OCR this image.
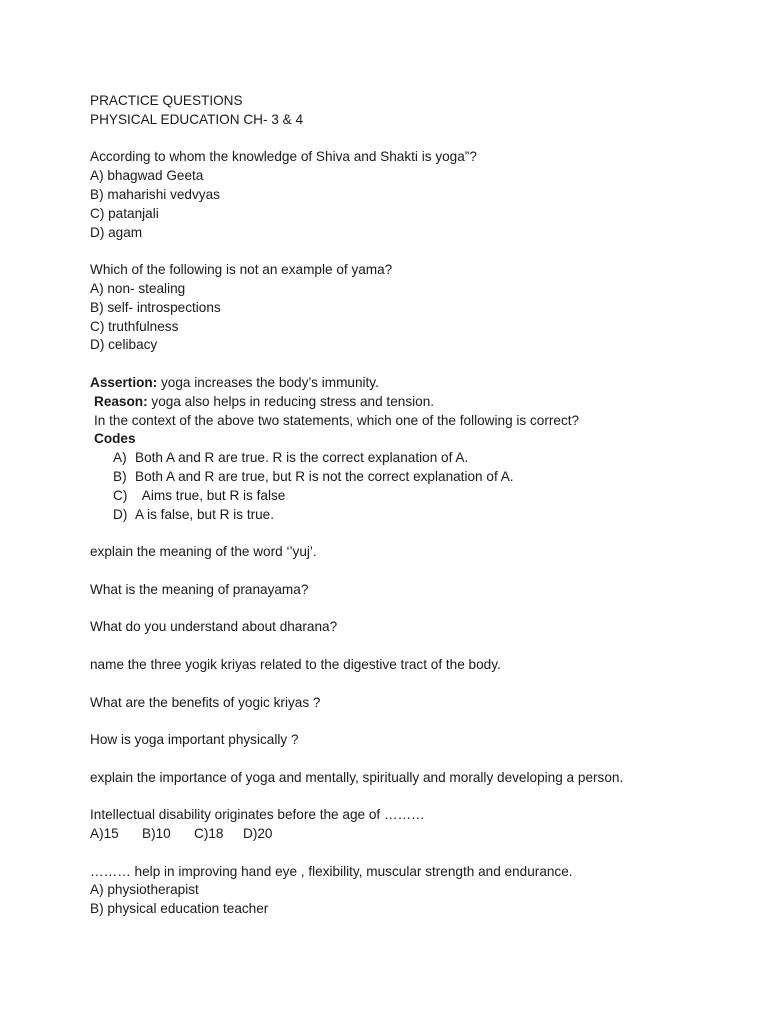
PRACTICE QUESTIONS
PHYSICAL EDUCATION CH- 3 & 4
According to whom the knowledge of Shiva and Shakti is yoga”?
A) bhagwad Geeta
B) maharishi vedvyas
C) patanjali
D) agam
Which of the following is not an example of yama?
A) non- stealing
B) self- introspections
C) truthfulness
D) celibacy
Assertion: yoga increases the body’s immunity.
Reason: yoga also helps in reducing stress and tension.
In the context of the above two statements, which one of the following is correct?
Codes
A) Both A and R are true. R is the correct explanation of A.
B) Both A and R are true, but R is not the correct explanation of A.
C)  Aims true, but R is false
D) A is false, but R is true.
explain the meaning of the word ‘’yuj’.
What is the meaning of pranayama?
What do you understand about dharana?
name the three yogik kriyas related to the digestive tract of the body.
What are the benefits of yogic kriyas ?
How is yoga important physically ?
explain the importance of yoga and mentally, spiritually and morally developing a person.
Intellectual disability originates before the age of ………
A)15 B)10 C)18 D)20
……… help in improving hand eye , flexibility, muscular strength and endurance.
A) physiotherapist
B) physical education teacher
